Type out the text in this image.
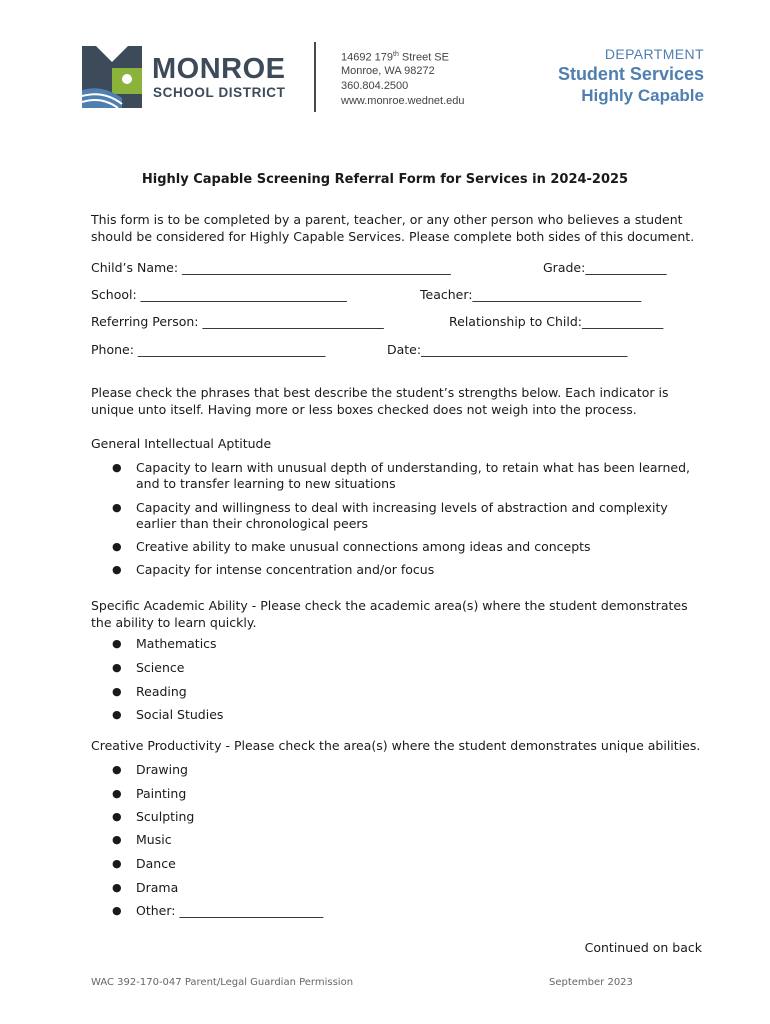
MONROE
SCHOOL DISTRICT
14692 179th Street SE
Monroe, WA 98272
360.804.2500
www.monroe.wednet.edu
DEPARTMENT
Student Services
Highly Capable
Highly Capable Screening Referral Form for Services in 2024-2025
This form is to be completed by a parent, teacher, or any other person who believes a student should be considered for Highly Capable Services. Please complete both sides of this document.
Child’s Name: ___________________________________________	Grade:_____________
School: _________________________________	Teacher:___________________________
Referring Person: _____________________________	Relationship to Child:_____________
Phone: ______________________________	Date:_________________________________
Please check the phrases that best describe the student’s strengths below. Each indicator is unique unto itself. Having more or less boxes checked does not weigh into the process.
General Intellectual Aptitude
● Capacity to learn with unusual depth of understanding, to retain what has been learned, and to transfer learning to new situations
● Capacity and willingness to deal with increasing levels of abstraction and complexity earlier than their chronological peers
● Creative ability to make unusual connections among ideas and concepts
● Capacity for intense concentration and/or focus
Specific Academic Ability - Please check the academic area(s) where the student demonstrates the ability to learn quickly.
● Mathematics
● Science
● Reading
● Social Studies
Creative Productivity - Please check the area(s) where the student demonstrates unique abilities.
● Drawing
● Painting
● Sculpting
● Music
● Dance
● Drama
● Other: _______________________
Continued on back
WAC 392-170-047 Parent/Legal Guardian Permission	September 2023
